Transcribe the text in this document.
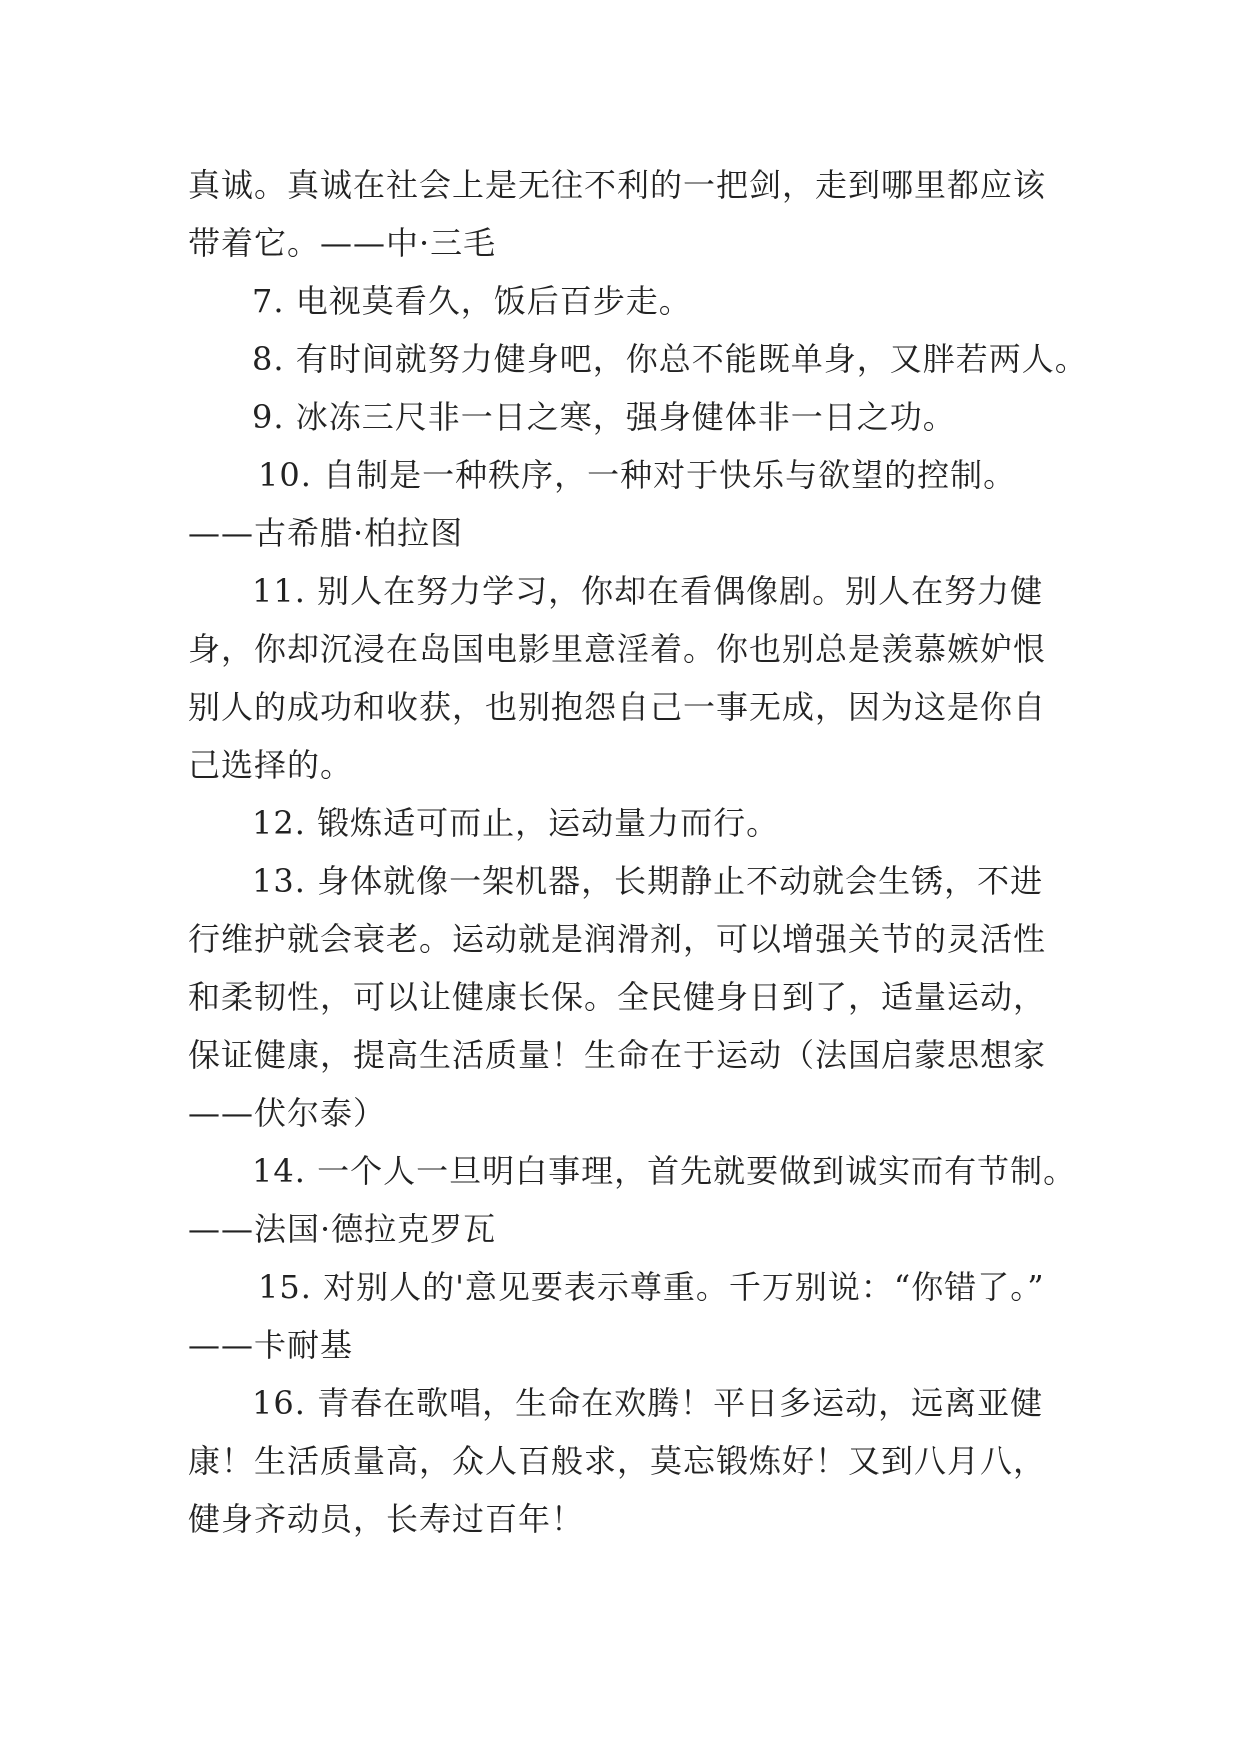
真诚。真诚在社会上是无往不利的一把剑，走到哪里都应该
带着它。——中·三毛
7. 电视莫看久，饭后百步走。
8. 有时间就努力健身吧，你总不能既单身，又胖若两人。
9. 冰冻三尺非一日之寒，强身健体非一日之功。
10. 自制是一种秩序，一种对于快乐与欲望的控制。
——古希腊·柏拉图
11. 别人在努力学习，你却在看偶像剧。别人在努力健
身，你却沉浸在岛国电影里意淫着。你也别总是羡慕嫉妒恨
别人的成功和收获，也别抱怨自己一事无成，因为这是你自
己选择的。
12. 锻炼适可而止，运动量力而行。
13. 身体就像一架机器，长期静止不动就会生锈，不进
行维护就会衰老。运动就是润滑剂，可以增强关节的灵活性
和柔韧性，可以让健康长保。全民健身日到了，适量运动，
保证健康，提高生活质量！生命在于运动（法国启蒙思想家
——伏尔泰）
14. 一个人一旦明白事理，首先就要做到诚实而有节制。
——法国·德拉克罗瓦
15. 对别人的'意见要表示尊重。千万别说：“你错了。”
——卡耐基
16. 青春在歌唱，生命在欢腾！平日多运动，远离亚健
康！生活质量高，众人百般求，莫忘锻炼好！又到八月八，
健身齐动员，长寿过百年！
